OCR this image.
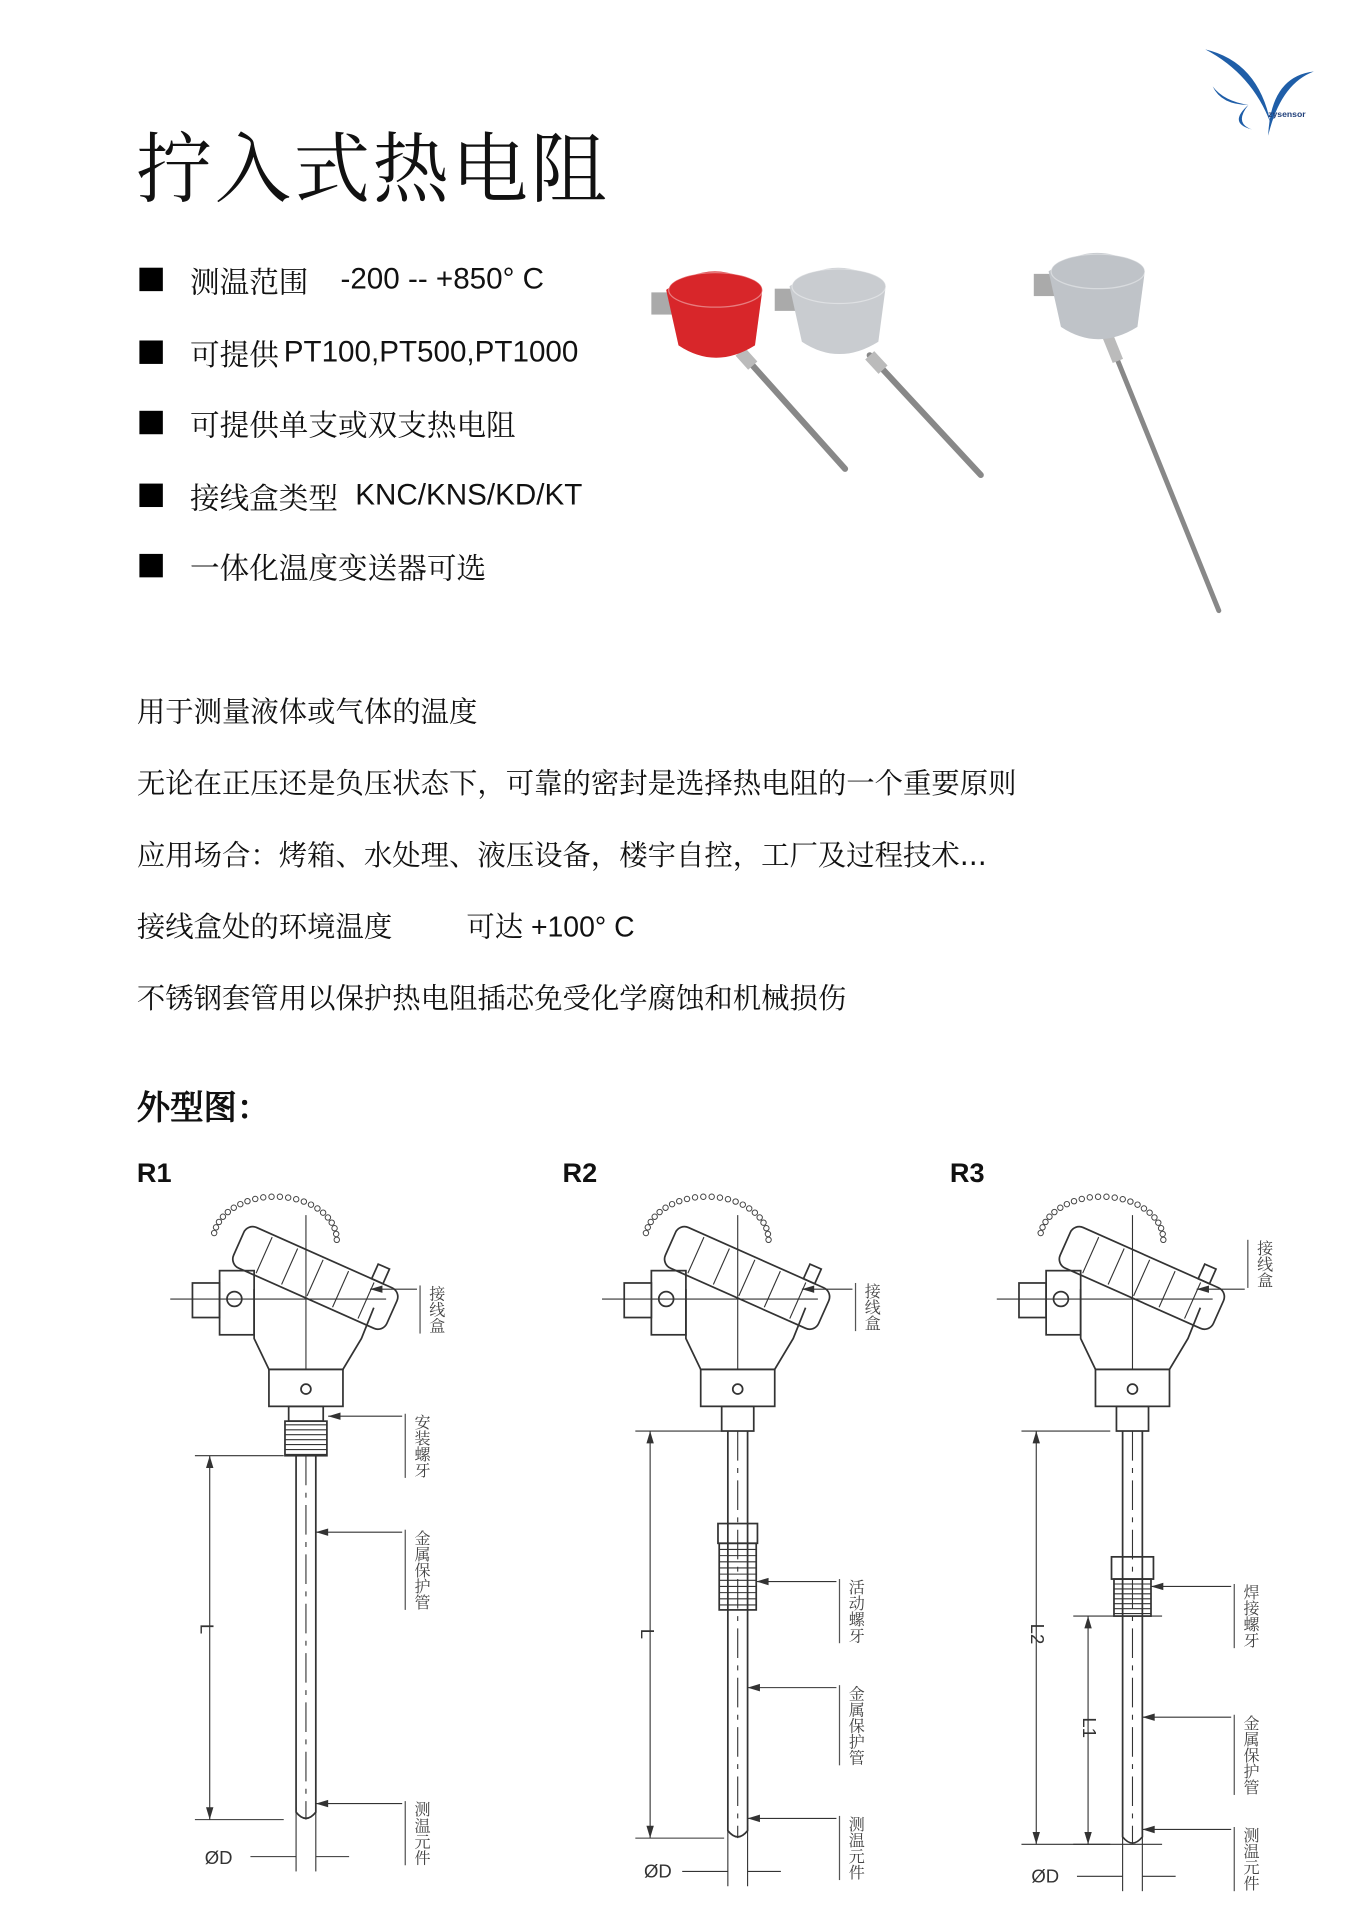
拧入式热电阻
zysensor
测温范围 -200 -- +850° C
可提供 PT100,PT500,PT1000
可提供单支或双支热电阻
接线盒类型 KNC/KNS/KD/KT
一体化温度变送器可选
用于测量液体或气体的温度
无论在正压还是负压状态下，可靠的密封是选择热电阻的一个重要原则
应用场合：烤箱、水处理、液压设备，楼宇自控，工厂及过程技术...
接线盒处的环境温度	可达 +100° C
不锈钢套管用以保护热电阻插芯免受化学腐蚀和机械损伤
外型图：
R1	R2	R3
接线盒
安装螺牙
金属保护管
测温元件
L
ØD
接线盒
活动螺牙
金属保护管
测温元件
L
ØD
接线盒
焊接螺牙
金属保护管
测温元件
L2
L1
ØD
